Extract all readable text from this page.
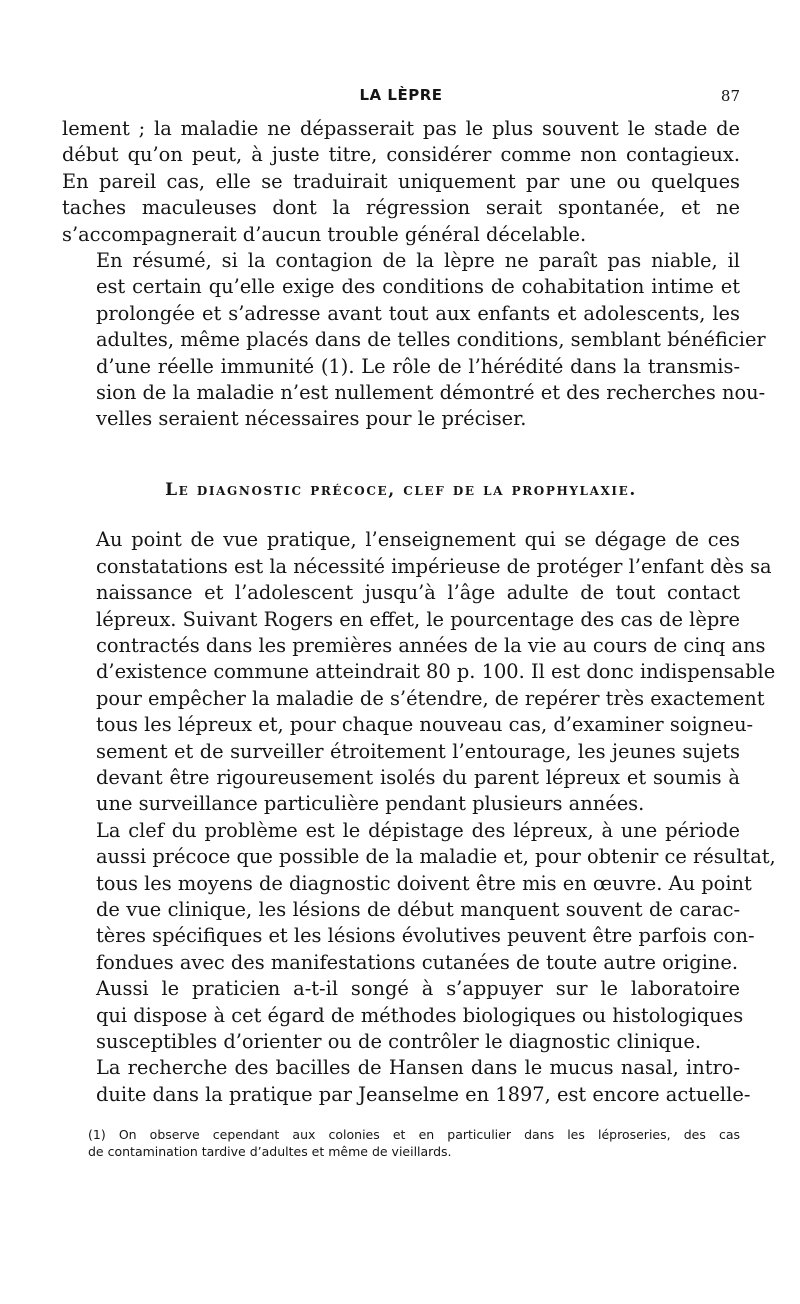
LA LÈPRE	87

lement ; la maladie ne dépasserait pas le plus souvent le stade de
début qu’on peut, à juste titre, considérer comme non contagieux.
En pareil cas, elle se traduirait uniquement par une ou quelques
taches maculeuses dont la régression serait spontanée, et ne
s’accompagnerait d’aucun trouble général décelable.

En résumé, si la contagion de la lèpre ne paraît pas niable, il
est certain qu’elle exige des conditions de cohabitation intime et
prolongée et s’adresse avant tout aux enfants et adolescents, les
adultes, même placés dans de telles conditions, semblant bénéficier
d’une réelle immunité (1). Le rôle de l’hérédité dans la transmis-
sion de la maladie n’est nullement démontré et des recherches nou-
velles seraient nécessaires pour le préciser.

Le diagnostic précoce, clef de la prophylaxie.

Au point de vue pratique, l’enseignement qui se dégage de ces
constatations est la nécessité impérieuse de protéger l’enfant dès sa
naissance et l’adolescent jusqu’à l’âge adulte de tout contact
lépreux. Suivant Rogers en effet, le pourcentage des cas de lèpre
contractés dans les premières années de la vie au cours de cinq ans
d’existence commune atteindrait 80 p. 100. Il est donc indispensable
pour empêcher la maladie de s’étendre, de repérer très exactement
tous les lépreux et, pour chaque nouveau cas, d’examiner soigneu-
sement et de surveiller étroitement l’entourage, les jeunes sujets
devant être rigoureusement isolés du parent lépreux et soumis à
une surveillance particulière pendant plusieurs années.

La clef du problème est le dépistage des lépreux, à une période
aussi précoce que possible de la maladie et, pour obtenir ce résultat,
tous les moyens de diagnostic doivent être mis en œuvre. Au point
de vue clinique, les lésions de début manquent souvent de carac-
tères spécifiques et les lésions évolutives peuvent être parfois con-
fondues avec des manifestations cutanées de toute autre origine.

Aussi le praticien a-t-il songé à s’appuyer sur le laboratoire
qui dispose à cet égard de méthodes biologiques ou histologiques
susceptibles d’orienter ou de contrôler le diagnostic clinique.

La recherche des bacilles de Hansen dans le mucus nasal, intro-
duite dans la pratique par Jeanselme en 1897, est encore actuelle-

(1) On observe cependant aux colonies et en particulier dans les léproseries, des cas
de contamination tardive d’adultes et même de vieillards.
